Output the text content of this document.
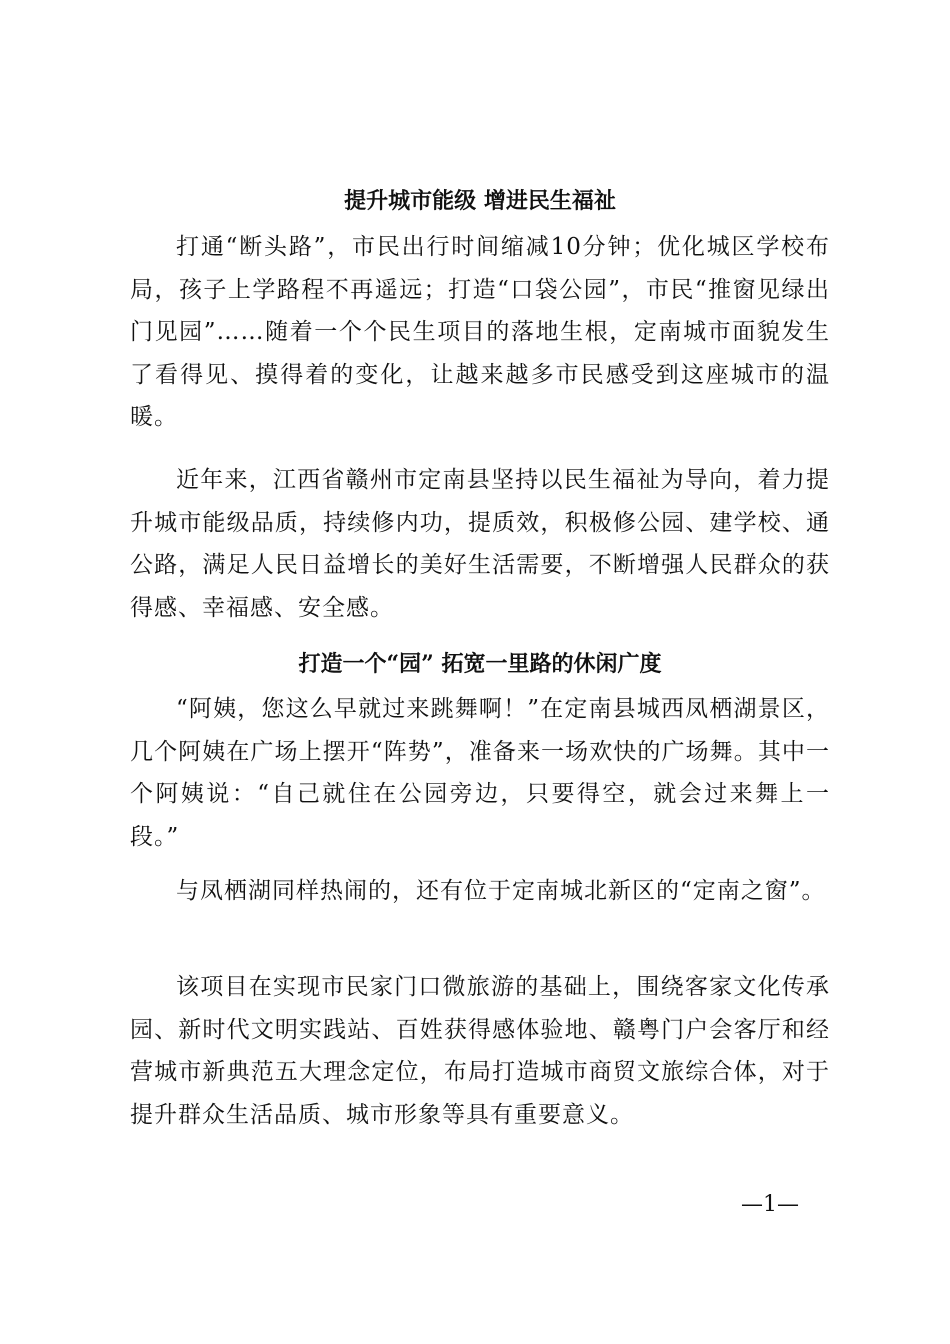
提升城市能级 增进民生福祉

打通“断头路”，市民出行时间缩减10分钟；优化城区学校布局，孩子上学路程不再遥远；打造“口袋公园”，市民“推窗见绿出门见园”……随着一个个民生项目的落地生根，定南城市面貌发生了看得见、摸得着的变化，让越来越多市民感受到这座城市的温暖。

近年来，江西省赣州市定南县坚持以民生福祉为导向，着力提升城市能级品质，持续修内功，提质效，积极修公园、建学校、通公路，满足人民日益增长的美好生活需要，不断增强人民群众的获得感、幸福感、安全感。

打造一个“园” 拓宽一里路的休闲广度

“阿姨，您这么早就过来跳舞啊！”在定南县城西凤栖湖景区，几个阿姨在广场上摆开“阵势”，准备来一场欢快的广场舞。其中一个阿姨说：“自己就住在公园旁边，只要得空，就会过来舞上一段。”

与凤栖湖同样热闹的，还有位于定南城北新区的“定南之窗”。

该项目在实现市民家门口微旅游的基础上，围绕客家文化传承园、新时代文明实践站、百姓获得感体验地、赣粤门户会客厅和经营城市新典范五大理念定位，布局打造城市商贸文旅综合体，对于提升群众生活品质、城市形象等具有重要意义。

—1—
